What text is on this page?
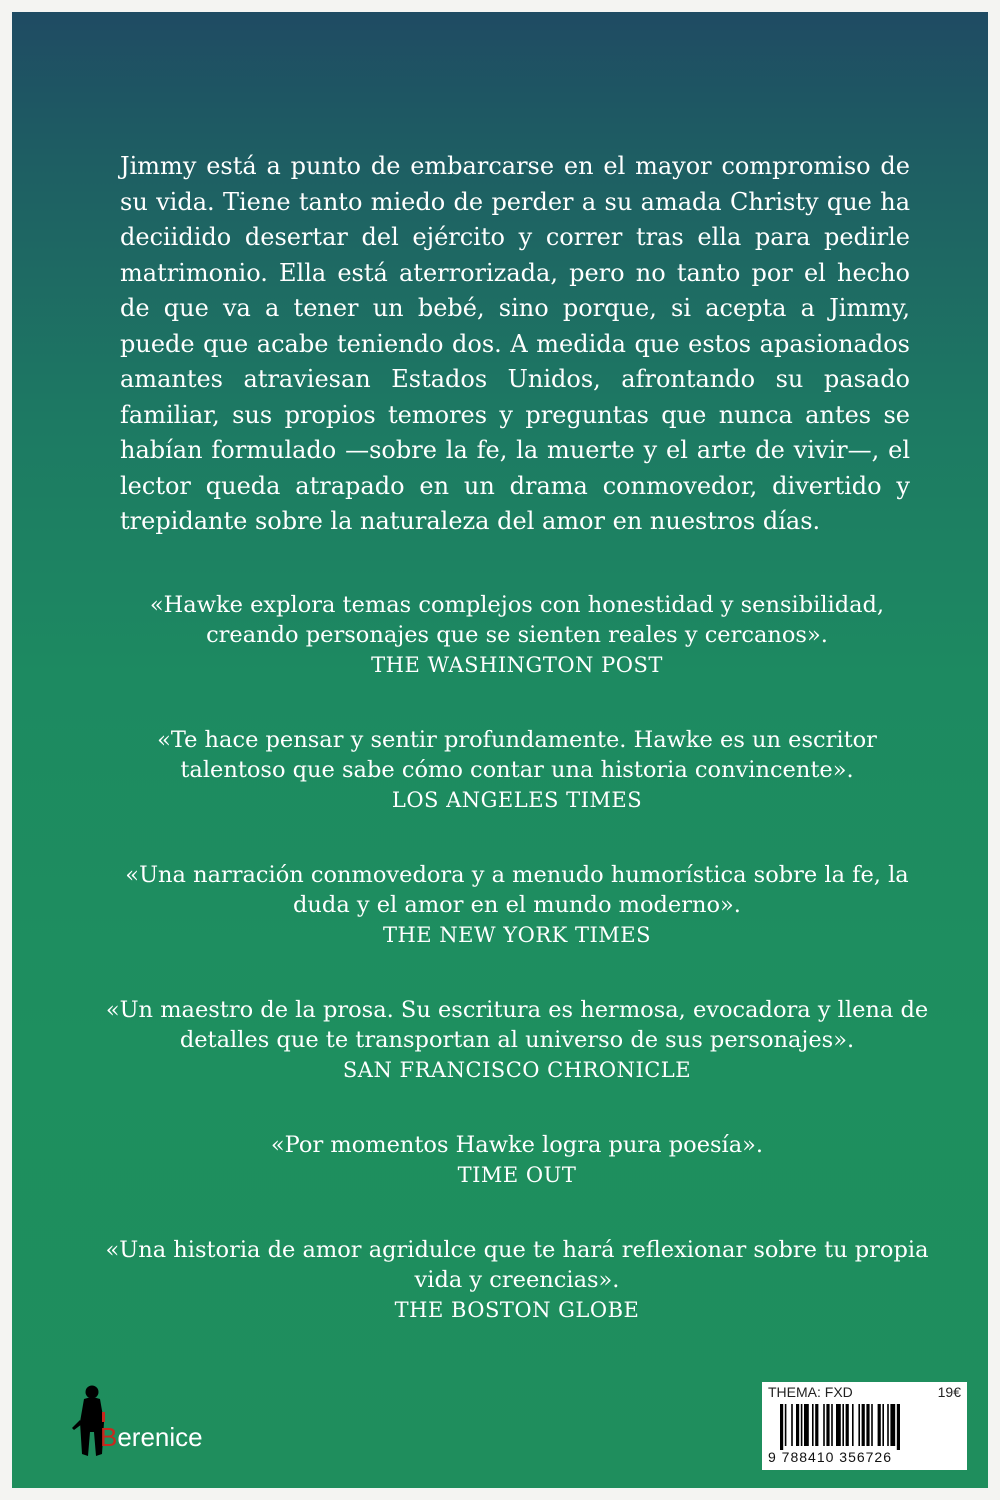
Jimmy está a punto de embarcarse en el mayor compromiso de su vida. Tiene tanto miedo de perder a su amada Christy que ha deciidido desertar del ejército y correr tras ella para pedirle matrimonio. Ella está aterrorizada, pero no tanto por el hecho de que va a tener un bebé, sino porque, si acepta a Jimmy, puede que acabe teniendo dos. A medida que estos apasionados amantes atraviesan Estados Unidos, afrontando su pasado familiar, sus propios temores y preguntas que nunca antes se habían formulado —sobre la fe, la muerte y el arte de vivir—, el lector queda atrapado en un drama conmovedor, divertido y trepidante sobre la naturaleza del amor en nuestros días.

«Hawke explora temas complejos con honestidad y sensibilidad, creando personajes que se sienten reales y cercanos».

THE WASHINGTON POST

«Te hace pensar y sentir profundamente. Hawke es un escritor talentoso que sabe cómo contar una historia convincente».

LOS ANGELES TIMES

«Una narración conmovedora y a menudo humorística sobre la fe, la duda y el amor en el mundo moderno».

THE NEW YORK TIMES

«Un maestro de la prosa. Su escritura es hermosa, evocadora y llena de detalles que te transportan al universo de sus personajes».

SAN FRANCISCO CHRONICLE

«Por momentos Hawke logra pura poesía».

TIME OUT

«Una historia de amor agridulce que te hará reflexionar sobre tu propia vida y creencias».

THE BOSTON GLOBE

Berenice
THEMA: FXD	19€
9 788410 356726
